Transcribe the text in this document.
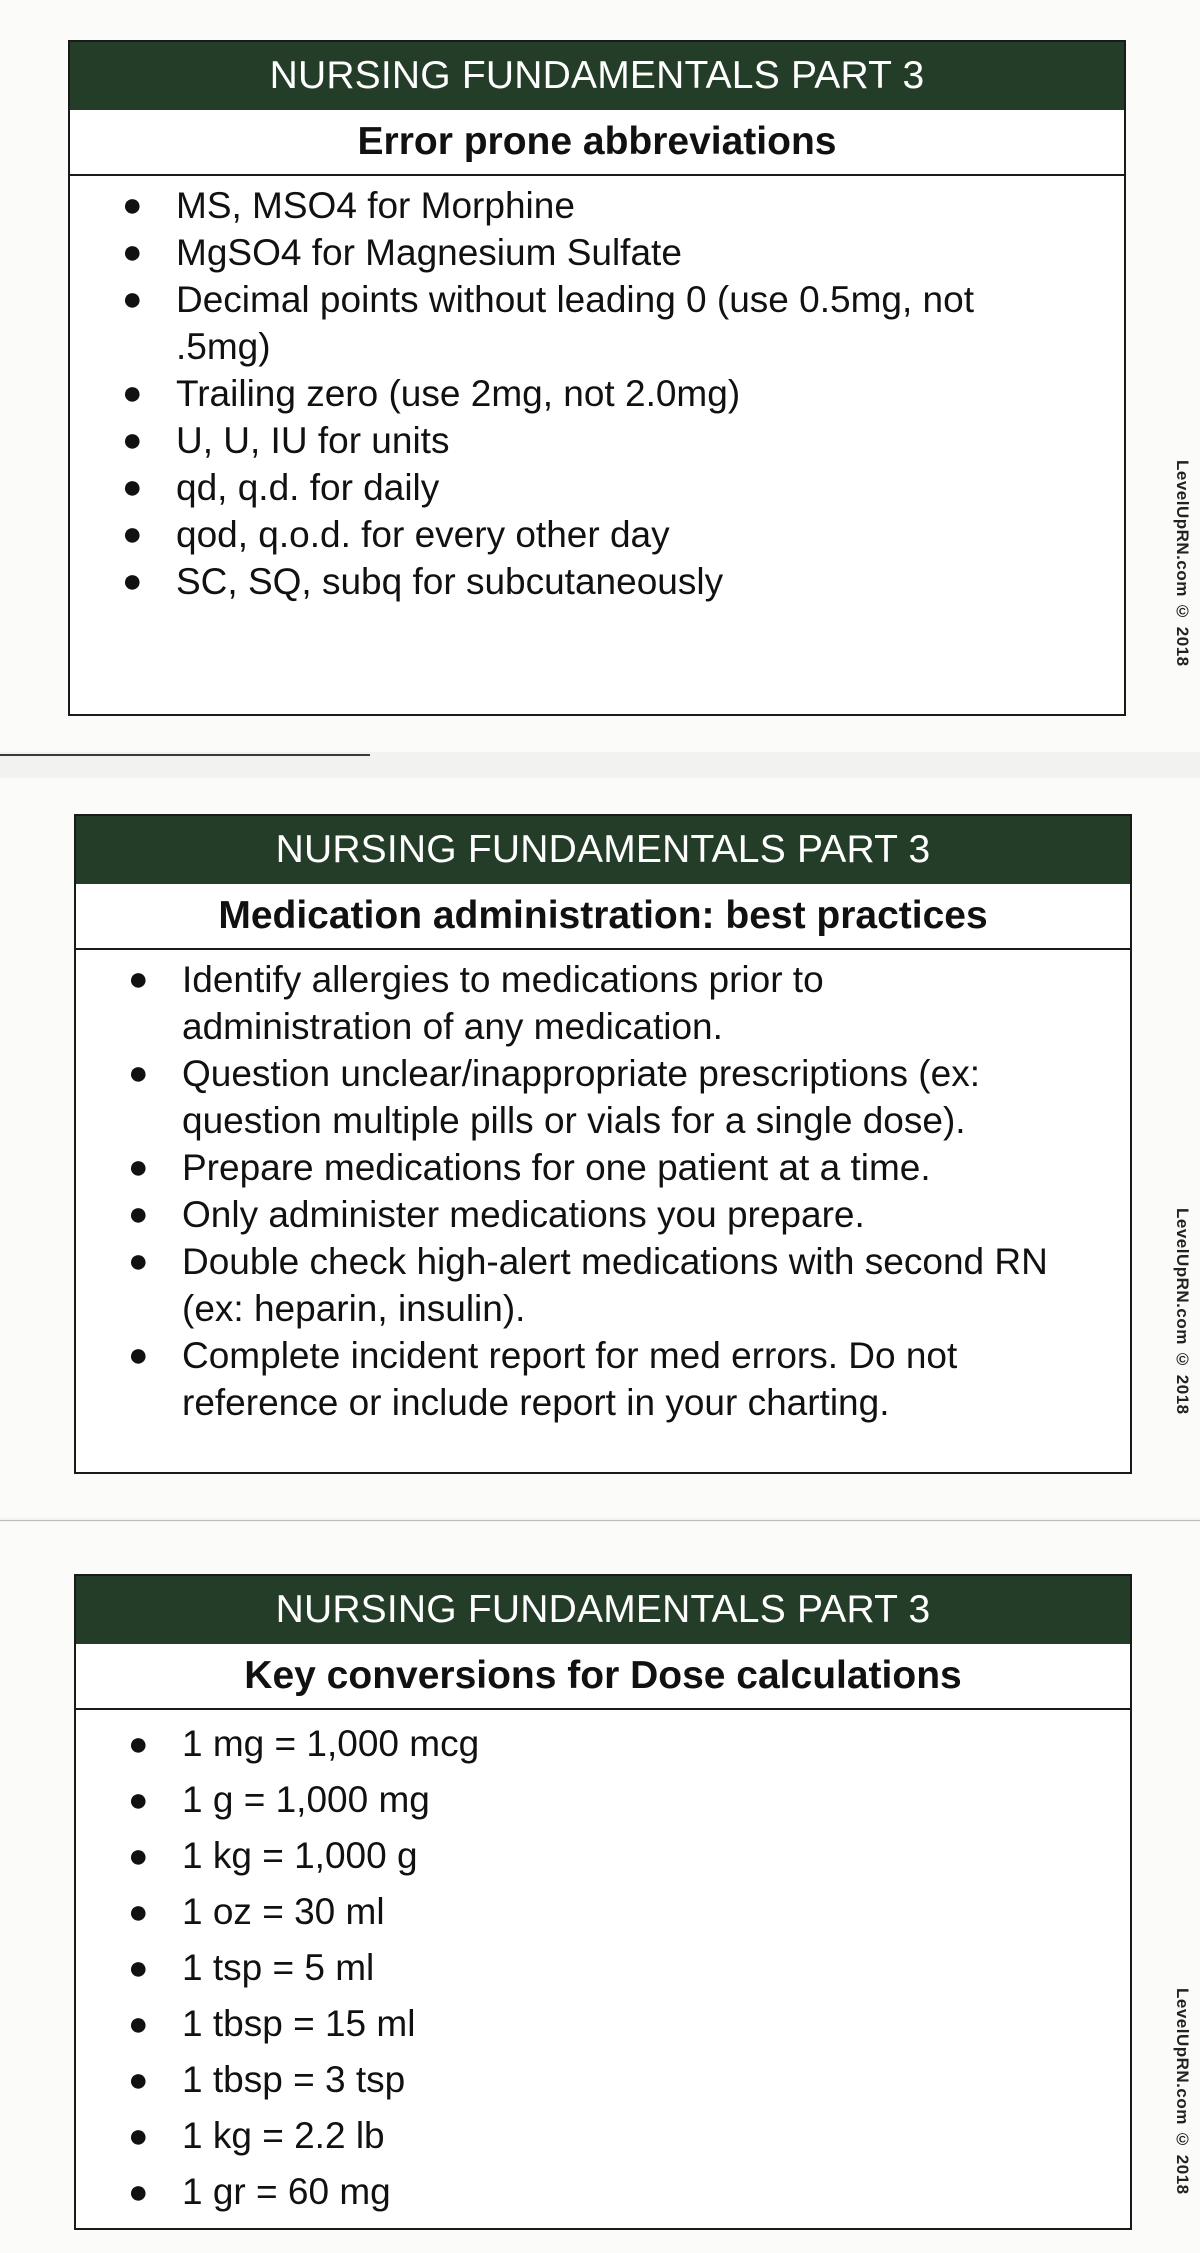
NURSING FUNDAMENTALS PART 3
Error prone abbreviations
● MS, MSO4 for Morphine
● MgSO4 for Magnesium Sulfate
● Decimal points without leading 0 (use 0.5mg, not .5mg)
● Trailing zero (use 2mg, not 2.0mg)
● U, U, IU for units
● qd, q.d. for daily
● qod, q.o.d. for every other day
● SC, SQ, subq for subcutaneously	LevelUpRN.com © 2018
NURSING FUNDAMENTALS PART 3
Medication administration: best practices
● Identify allergies to medications prior to administration of any medication.
● Question unclear/inappropriate prescriptions (ex: question multiple pills or vials for a single dose).
● Prepare medications for one patient at a time.
● Only administer medications you prepare.
● Double check high-alert medications with second RN (ex: heparin, insulin).
● Complete incident report for med errors. Do not reference or include report in your charting.	LevelUpRN.com © 2018
NURSING FUNDAMENTALS PART 3
Key conversions for Dose calculations
● 1 mg = 1,000 mcg
● 1 g = 1,000 mg
● 1 kg = 1,000 g
● 1 oz = 30 ml
● 1 tsp = 5 ml
● 1 tbsp = 15 ml
● 1 tbsp = 3 tsp
● 1 kg = 2.2 lb
● 1 gr = 60 mg	LevelUpRN.com © 2018
